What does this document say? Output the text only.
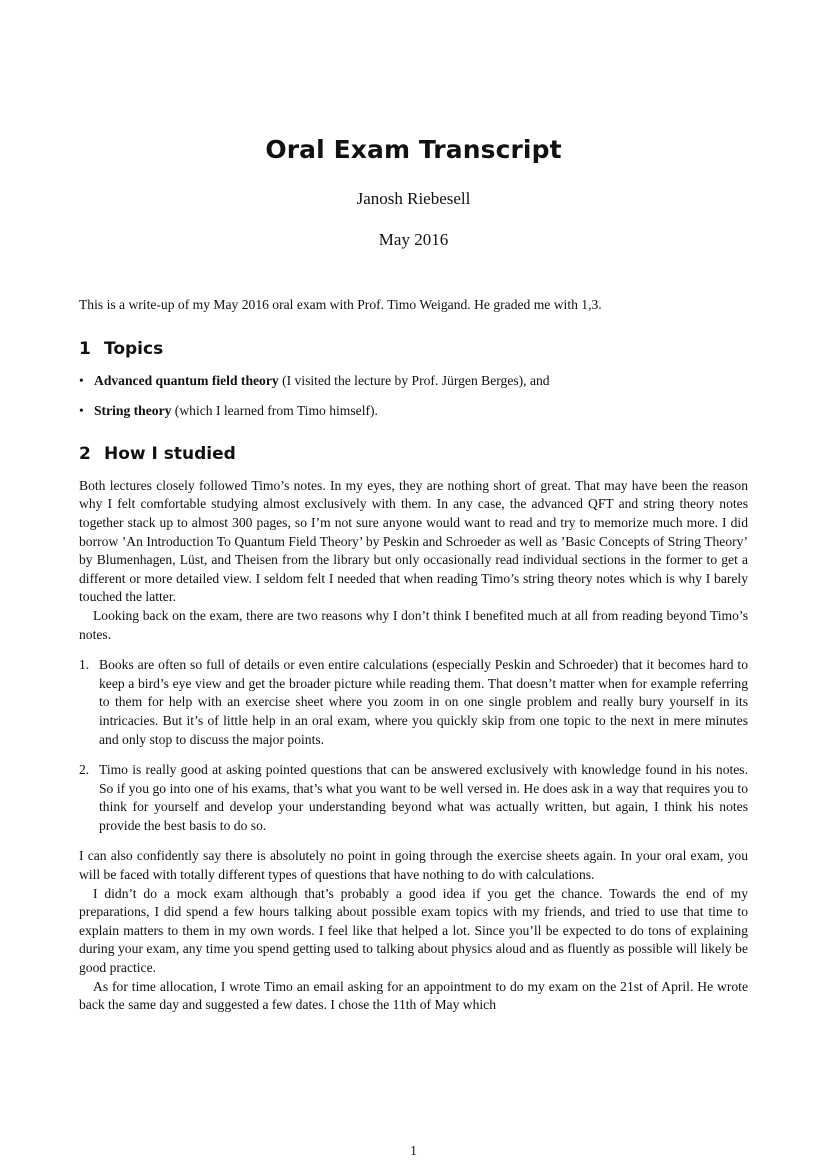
Oral Exam Transcript
Janosh Riebesell
May 2016

This is a write-up of my May 2016 oral exam with Prof. Timo Weigand. He graded me with 1,3.

1 Topics
• Advanced quantum field theory (I visited the lecture by Prof. Jürgen Berges), and
• String theory (which I learned from Timo himself).
2 How I studied

Both lectures closely followed Timo’s notes. In my eyes, they are nothing short of great. That may have been the reason why I felt comfortable studying almost exclusively with them. In any case, the advanced QFT and string theory notes together stack up to almost 300 pages, so I’m not sure anyone would want to read and try to memorize much more. I did borrow ’An Introduction To Quantum Field Theory’ by Peskin and Schroeder as well as ’Basic Concepts of String Theory’ by Blumenhagen, Lüst, and Theisen from the library but only occasionally read individual sections in the former to get a different or more detailed view. I seldom felt I needed that when reading Timo’s string theory notes which is why I barely touched the latter.

Looking back on the exam, there are two reasons why I don’t think I benefited much at all from reading beyond Timo’s notes.

1. Books are often so full of details or even entire calculations (especially Peskin and Schroeder) that it becomes hard to keep a bird’s eye view and get the broader picture while reading them. That doesn’t matter when for example referring to them for help with an exercise sheet where you zoom in on one single problem and really bury yourself in its intricacies. But it’s of little help in an oral exam, where you quickly skip from one topic to the next in mere minutes and only stop to discuss the major points.
2. Timo is really good at asking pointed questions that can be answered exclusively with knowledge found in his notes. So if you go into one of his exams, that’s what you want to be well versed in. He does ask in a way that requires you to think for yourself and develop your understanding beyond what was actually written, but again, I think his notes provide the best basis to do so.

I can also confidently say there is absolutely no point in going through the exercise sheets again. In your oral exam, you will be faced with totally different types of questions that have nothing to do with calculations.

I didn’t do a mock exam although that’s probably a good idea if you get the chance. Towards the end of my preparations, I did spend a few hours talking about possible exam topics with my friends, and tried to use that time to explain matters to them in my own words. I feel like that helped a lot. Since you’ll be expected to do tons of explaining during your exam, any time you spend getting used to talking about physics aloud and as fluently as possible will likely be good practice.

As for time allocation, I wrote Timo an email asking for an appointment to do my exam on the 21st of April. He wrote back the same day and suggested a few dates. I chose the 11th of May which

1
